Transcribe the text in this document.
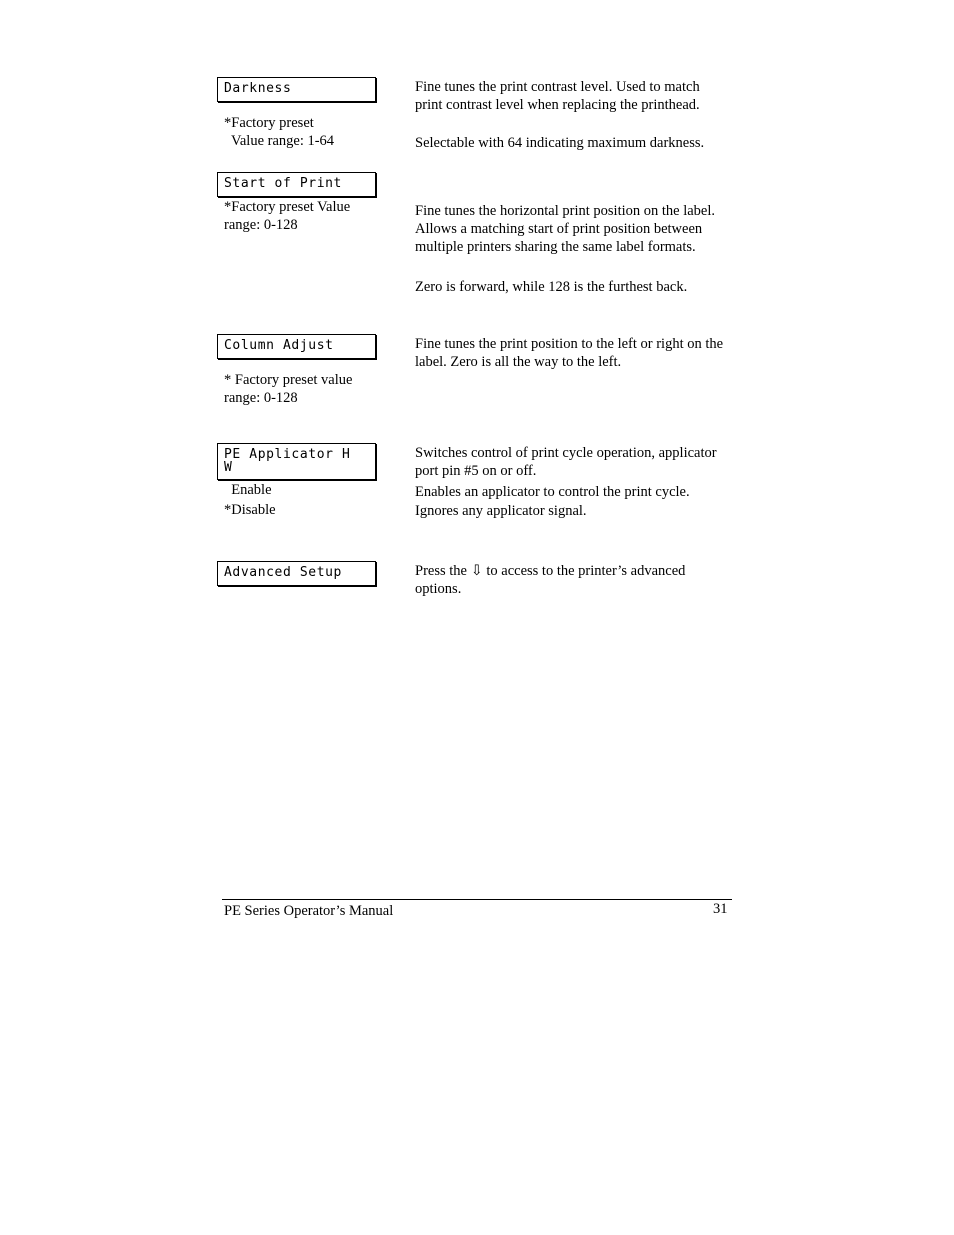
Darkness
*Factory preset
Value range: 1-64
Fine tunes the print contrast level. Used to match print contrast level when replacing the printhead.
Selectable with 64 indicating maximum darkness.
Start of Print
*Factory preset Value range: 0-128
Fine tunes the horizontal print position on the label. Allows a matching start of print position between multiple printers sharing the same label formats.
Zero is forward, while 128 is the furthest back.
Column Adjust
* Factory preset value range: 0-128
Fine tunes the print position to the left or right on the label. Zero is all the way to the left.
PE Applicator H
W
Enable
*Disable
Switches control of print cycle operation, applicator port pin #5 on or off.
Enables an applicator to control the print cycle.
Ignores any applicator signal.
Advanced Setup	Press the ⇩ to access to the printer’s advanced options.
PE Series Operator’s Manual	31
